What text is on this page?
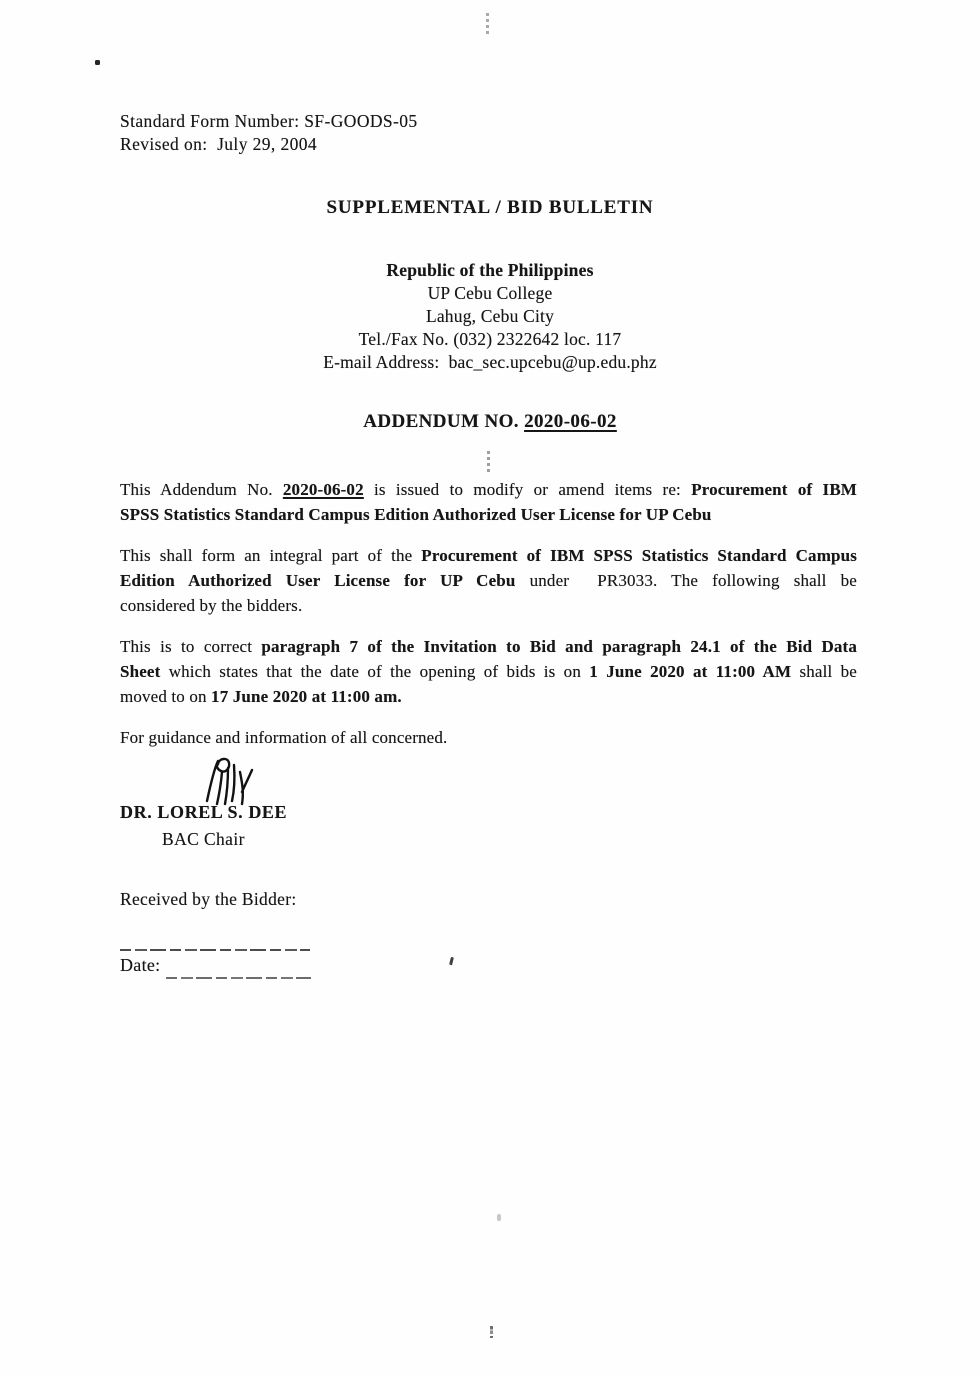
Standard Form Number: SF-GOODS-05
Revised on:  July 29, 2004
SUPPLEMENTAL / BID BULLETIN
Republic of the Philippines
UP Cebu College
Lahug, Cebu City
Tel./Fax No. (032) 2322642 loc. 117
E-mail Address:  bac_sec.upcebu@up.edu.phz
ADDENDUM NO. 2020-06-02
This Addendum No. 2020-06-02 is issued to modify or amend items re: Procurement of IBM
SPSS Statistics Standard Campus Edition Authorized User License for UP Cebu
This shall form an integral part of the Procurement of IBM SPSS Statistics Standard Campus
Edition Authorized User License for UP Cebu under  PR3033. The following shall be
considered by the bidders.
This is to correct paragraph 7 of the Invitation to Bid and paragraph 24.1 of the Bid Data
Sheet which states that the date of the opening of bids is on 1 June 2020 at 11:00 AM shall be
moved to on 17 June 2020 at 11:00 am.
For guidance and information of all concerned.
DR. LOREL S. DEE
BAC Chair
Received by the Bidder:
Date:
